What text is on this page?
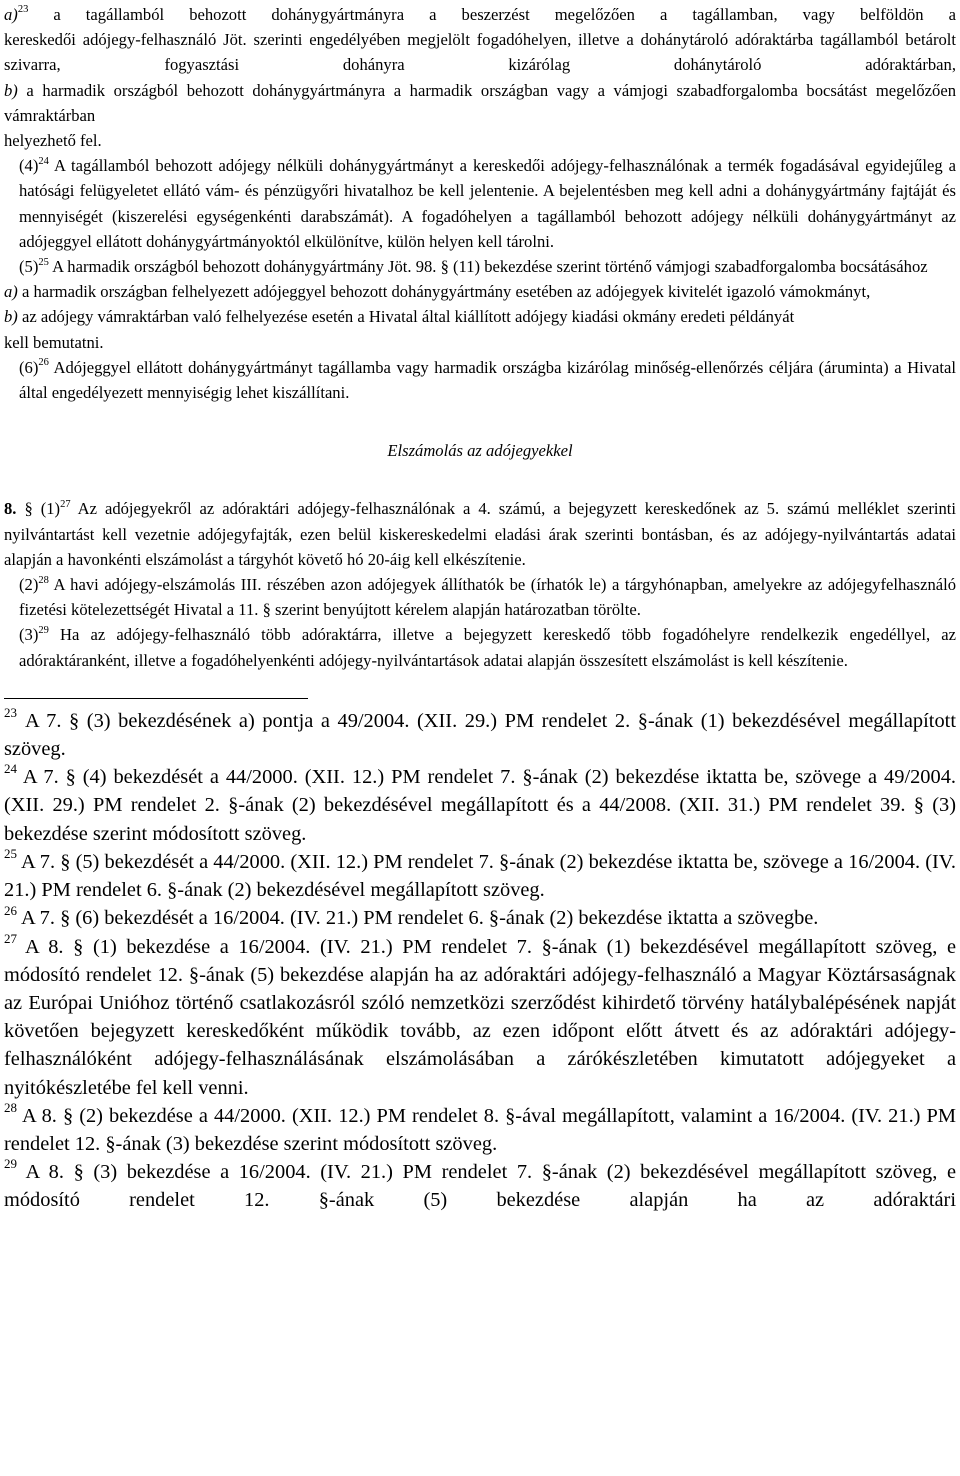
a)$^{23}$ a tagállamból behozott dohánygyártmányra a beszerzést megelőzően a tagállamban, vagy belföldön a

kereskedői adójegy-felhasználó Jöt. szerinti engedélyében megjelölt fogadóhelyen, illetve a dohánytároló adóraktárba tagállamból betárolt szivarra, fogyasztási dohányra kizárólag dohánytároló adóraktárban,

b) a harmadik országból behozott dohánygyártmányra a harmadik országban vagy a vámjogi szabadforgalomba bocsátást megelőzően vámraktárban

helyezhető fel.

$(4)^{24}$ A tagállamból behozott adójegy nélküli dohánygyártmányt a kereskedői adójegy-felhasználónak a termék fogadásával egyidejűleg a hatósági felügyeletet ellátó vám- és pénzügyőri hivatalhoz be kell jelentenie. A bejelentésben meg kell adni a dohánygyártmány fajtáját és mennyiségét (kiszerelési egységenkénti darabszámát). A fogadóhelyen a tagállamból behozott adójegy nélküli dohánygyártmányt az adójeggyel ellátott dohánygyártmányoktól elkülönítve, külön helyen kell tárolni.

$(5)^{25}$ A harmadik országból behozott dohánygyártmány Jöt. 98. § (11) bekezdése szerint történő vámjogi szabadforgalomba bocsátásához

a) a harmadik országban felhelyezett adójeggyel behozott dohánygyártmány esetében az adójegyek kivitelét igazoló vámokmányt,

b) az adójegy vámraktárban való felhelyezése esetén a Hivatal által kiállított adójegy kiadási okmány eredeti példányát

kell bemutatni.

$(6)^{26}$ Adójeggyel ellátott dohánygyártmányt tagállamba vagy harmadik országba kizárólag minőség-ellenőrzés céljára (áruminta) a Hivatal által engedélyezett mennyiségig lehet kiszállítani.

Elszámolás az adójegyekkel

8. § $(1)^{27}$ Az adójegyekről az adóraktári adójegy-felhasználónak a 4. számú, a bejegyzett kereskedőnek az 5. számú melléklet szerinti nyilvántartást kell vezetnie adójegyfajták, ezen belül kiskereskedelmi eladási árak szerinti bontásban, és az adójegy-nyilvántartás adatai alapján a havonkénti elszámolást a tárgyhót követő hó 20-áig kell elkészítenie.

$(2)^{28}$ A havi adójegy-elszámolás III. részében azon adójegyek állíthatók be (írhatók le) a tárgyhónapban, amelyekre az adójegyfelhasználó fizetési kötelezettségét Hivatal a 11. § szerint benyújtott kérelem alapján határozatban törölte.

$(3)^{29}$ Ha az adójegy-felhasználó több adóraktárra, illetve a bejegyzett kereskedő több fogadóhelyre rendelkezik engedéllyel, az adóraktáranként, illetve a fogadóhelyenkénti adójegy-nyilvántartások adatai alapján összesített elszámolást is kell készítenie.

$^{23}$ A 7. § (3) bekezdésének a) pontja a 49/2004. (XII. 29.) PM rendelet 2. §-ának (1) bekezdésével megállapított szöveg.

$^{24}$ A 7. § (4) bekezdését a 44/2000. (XII. 12.) PM rendelet 7. §-ának (2) bekezdése iktatta be, szövege a 49/2004. (XII. 29.) PM rendelet 2. §-ának (2) bekezdésével megállapított és a 44/2008. (XII. 31.) PM rendelet 39. § (3) bekezdése szerint módosított szöveg.

$^{25}$ A 7. § (5) bekezdését a 44/2000. (XII. 12.) PM rendelet 7. §-ának (2) bekezdése iktatta be, szövege a 16/2004. (IV. 21.) PM rendelet 6. §-ának (2) bekezdésével megállapított szöveg.

$^{26}$ A 7. § (6) bekezdését a 16/2004. (IV. 21.) PM rendelet 6. §-ának (2) bekezdése iktatta a szövegbe.

$^{27}$ A 8. § (1) bekezdése a 16/2004. (IV. 21.) PM rendelet 7. §-ának (1) bekezdésével megállapított szöveg, e módosító rendelet 12. §-ának (5) bekezdése alapján ha az adóraktári adójegy-felhasználó a Magyar Köztársaságnak az Európai Unióhoz történő csatlakozásról szóló nemzetközi szerződést kihirdető törvény hatálybalépésének napját követően bejegyzett kereskedőként működik tovább, az ezen időpont előtt átvett és az adóraktári adójegy-felhasználóként adójegy-felhasználásának elszámolásában a zárókészletében kimutatott adójegyeket a nyitókészletébe fel kell venni.

$^{28}$ A 8. § (2) bekezdése a 44/2000. (XII. 12.) PM rendelet 8. §-ával megállapított, valamint a 16/2004. (IV. 21.) PM rendelet 12. §-ának (3) bekezdése szerint módosított szöveg.

$^{29}$ A 8. § (3) bekezdése a 16/2004. (IV. 21.) PM rendelet 7. §-ának (2) bekezdésével megállapított szöveg, e módosító rendelet 12. §-ának (5) bekezdése alapján ha az adóraktári
